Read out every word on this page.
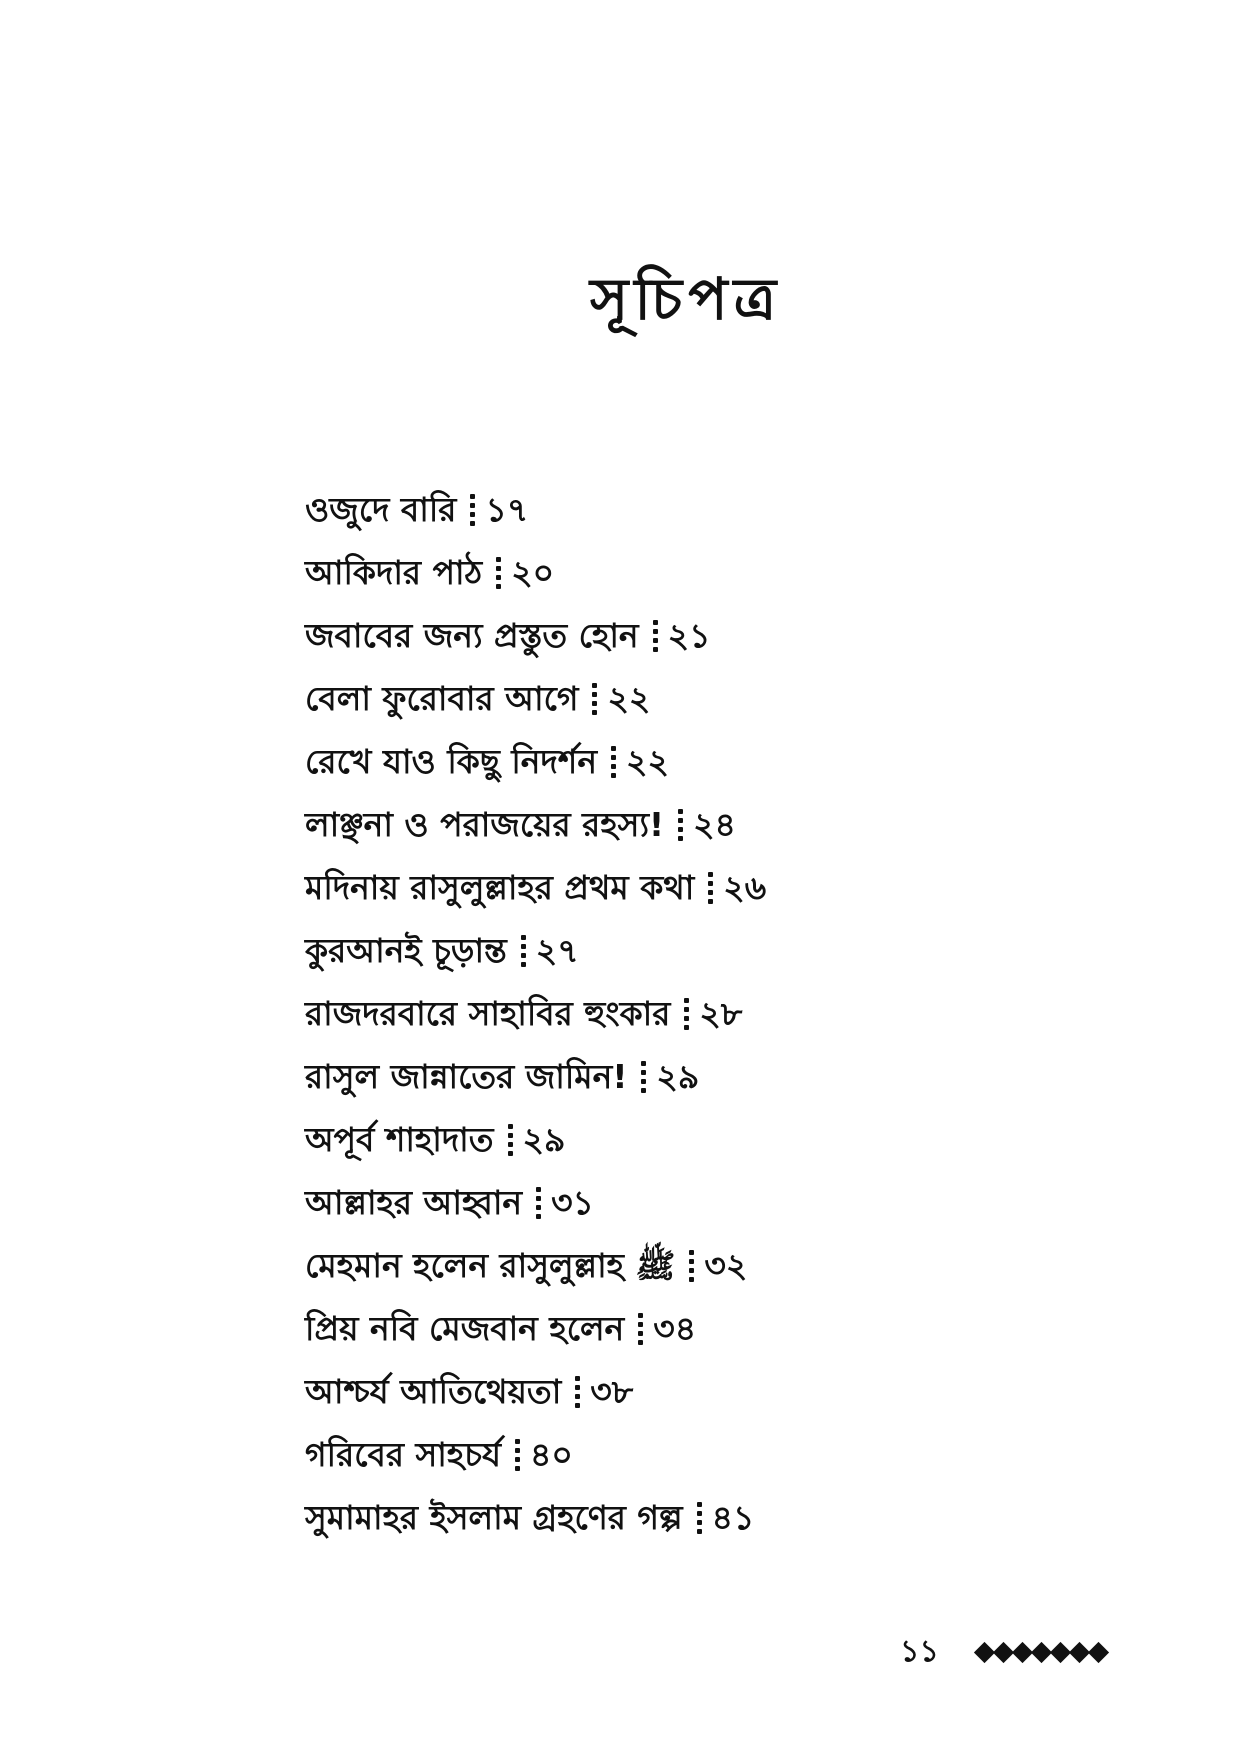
সূচিপত্র
ওজুদে বারি ১৭
আকিদার পাঠ ২০
জবাবের জন্য প্রস্তুত হোন ২১
বেলা ফুরোবার আগে ২২
রেখে যাও কিছু নিদর্শন ২২
লাঞ্ছনা ও পরাজয়ের রহস্য! ২৪
মদিনায় রাসুলুল্লাহর প্রথম কথা ২৬
কুরআনই চূড়ান্ত ২৭
রাজদরবারে সাহাবির হুংকার ২৮
রাসুল জান্নাতের জামিন! ২৯
অপূর্ব শাহাদাত ২৯
আল্লাহর আহ্বান ৩১
মেহমান হলেন রাসুলুল্লাহ ﷺ ৩২
প্রিয় নবি মেজবান হলেন ৩৪
আশ্চর্য আতিথেয়তা ৩৮
গরিবের সাহচর্য ৪০
সুমামাহর ইসলাম গ্রহণের গল্প ৪১
১১
